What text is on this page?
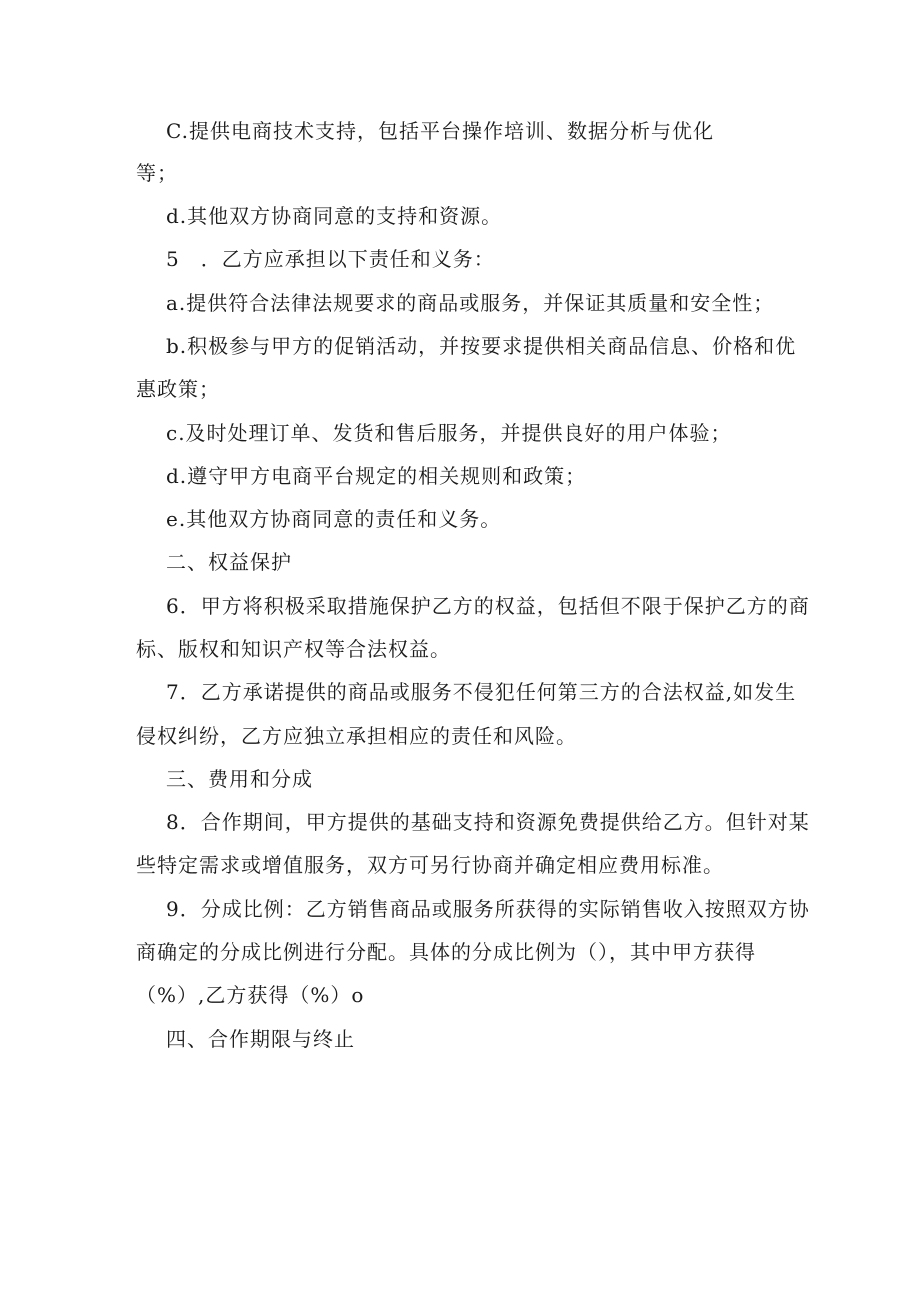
C.提供电商技术支持，包括平台操作培训、数据分析与优化

等；

d.其他双方协商同意的支持和资源。

5　．乙方应承担以下责任和义务：

a.提供符合法律法规要求的商品或服务，并保证其质量和安全性；

b.积极参与甲方的促销活动，并按要求提供相关商品信息、价格和优

惠政策；

c.及时处理订单、发货和售后服务，并提供良好的用户体验；

d.遵守甲方电商平台规定的相关规则和政策；

e.其他双方协商同意的责任和义务。

二、权益保护

6．甲方将积极采取措施保护乙方的权益，包括但不限于保护乙方的商

标、版权和知识产权等合法权益。

7．乙方承诺提供的商品或服务不侵犯任何第三方的合法权益,如发生

侵权纠纷，乙方应独立承担相应的责任和风险。

三、费用和分成

8．合作期间，甲方提供的基础支持和资源免费提供给乙方。但针对某

些特定需求或增值服务，双方可另行协商并确定相应费用标准。

9．分成比例：乙方销售商品或服务所获得的实际销售收入按照双方协

商确定的分成比例进行分配。具体的分成比例为（），其中甲方获得

（%）,乙方获得（%）o

四、合作期限与终止
